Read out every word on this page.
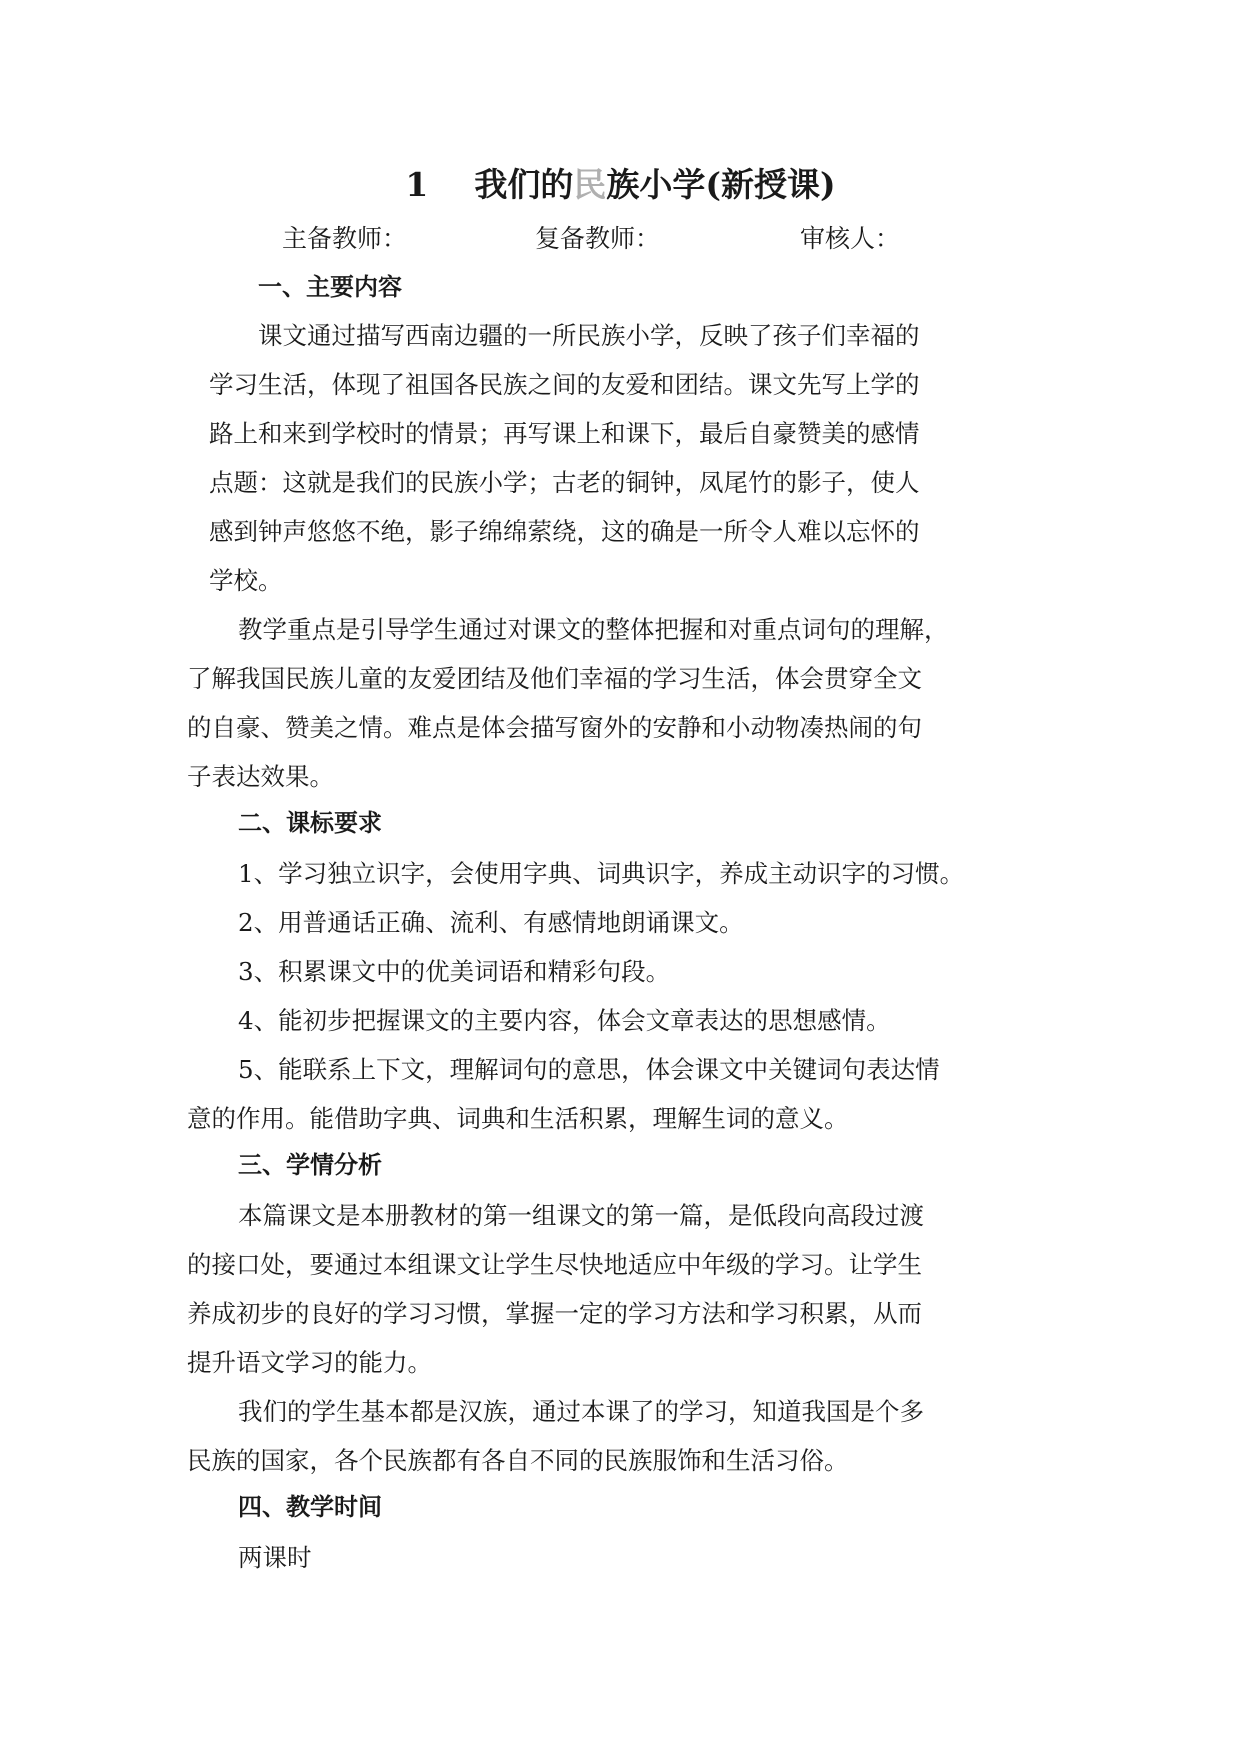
1 我们的民族小学(新授课)
主备教师：	复备教师：	审核人：
一、主要内容
课文通过描写西南边疆的一所民族小学，反映了孩子们幸福的
学习生活，体现了祖国各民族之间的友爱和团结。课文先写上学的
路上和来到学校时的情景；再写课上和课下，最后自豪赞美的感情
点题：这就是我们的民族小学；古老的铜钟，凤尾竹的影子，使人
感到钟声悠悠不绝，影子绵绵萦绕，这的确是一所令人难以忘怀的
学校。
教学重点是引导学生通过对课文的整体把握和对重点词句的理解，
了解我国民族儿童的友爱团结及他们幸福的学习生活，体会贯穿全文
的自豪、赞美之情。难点是体会描写窗外的安静和小动物凑热闹的句
子表达效果。
二、课标要求
1、学习独立识字，会使用字典、词典识字，养成主动识字的习惯。
2、用普通话正确、流利、有感情地朗诵课文。
3、积累课文中的优美词语和精彩句段。
4、能初步把握课文的主要内容，体会文章表达的思想感情。
5、能联系上下文，理解词句的意思，体会课文中关键词句表达情
意的作用。能借助字典、词典和生活积累，理解生词的意义。
三、学情分析
本篇课文是本册教材的第一组课文的第一篇，是低段向高段过渡
的接口处，要通过本组课文让学生尽快地适应中年级的学习。让学生
养成初步的良好的学习习惯，掌握一定的学习方法和学习积累，从而
提升语文学习的能力。
我们的学生基本都是汉族，通过本课了的学习，知道我国是个多
民族的国家，各个民族都有各自不同的民族服饰和生活习俗。
四、教学时间
两课时
